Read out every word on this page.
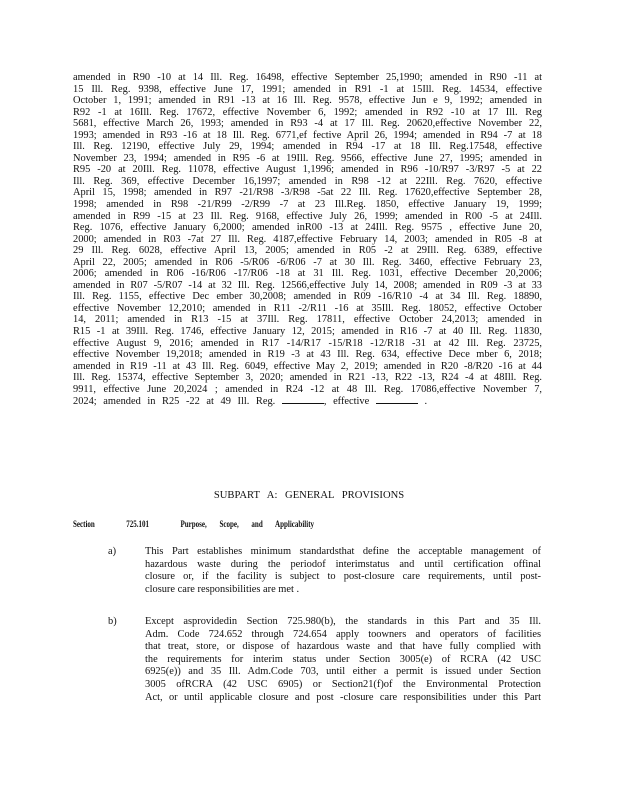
amended in R90 -10 at 14 Ill. Reg. 16498, effective September 25,1990; amended in R90 -11 at
15 Ill. Reg. 9398, effective June 17, 1991; amended in R91 -1 at 15Ill. Reg. 14534, effective
October 1, 1991; amended in R91 -13 at 16 Ill. Reg. 9578, effective Jun e 9, 1992; amended in
R92 -1 at 16Ill. Reg. 17672, effective November 6, 1992; amended in R92 -10 at 17 Ill. Reg
5681, effective March 26, 1993; amended in R93 -4 at 17 Ill. Reg. 20620,effective November 22,
1993; amended in R93 -16 at 18 Ill. Reg. 6771,ef fective April 26, 1994; amended in R94 -7 at 18
Ill. Reg. 12190, effective July 29, 1994; amended in R94 -17 at 18 Ill. Reg.17548, effective
November 23, 1994; amended in R95 -6 at 19Ill. Reg. 9566, effective June 27, 1995; amended in
R95 -20 at 20Ill. Reg. 11078, effective August 1,1996; amended in R96 -10/R97 -3/R97 -5 at 22
Ill. Reg. 369, effective December 16,1997; amended in R98 -12 at 22Ill. Reg. 7620, effective
April 15, 1998; amended in R97 -21/R98 -3/R98 -5at 22 Ill. Reg. 17620,effective September 28,
1998; amended in R98 -21/R99 -2/R99 -7 at 23 Ill.Reg. 1850, effective January 19, 1999;
amended in R99 -15 at 23 Ill. Reg. 9168, effective July 26, 1999; amended in R00 -5 at 24Ill.
Reg. 1076, effective January 6,2000; amended inR00 -13 at 24Ill. Reg. 9575 , effective June 20,
2000; amended in R03 -7at 27 Ill. Reg. 4187,effective February 14, 2003; amended in R05 -8 at
29 Ill. Reg. 6028, effective April 13, 2005; amended in R05 -2 at 29Ill. Reg. 6389, effective
April 22, 2005; amended in R06 -5/R06 -6/R06 -7 at 30 Ill. Reg. 3460, effective February 23,
2006; amended in R06 -16/R06 -17/R06 -18 at 31 Ill. Reg. 1031, effective December 20,2006;
amended in R07 -5/R07 -14 at 32 Ill. Reg. 12566,effective July 14, 2008; amended in R09 -3 at 33
Ill. Reg. 1155, effective Dec ember 30,2008; amended in R09 -16/R10 -4 at 34 Ill. Reg. 18890,
effective November 12,2010; amended in R11 -2/R11 -16 at 35Ill. Reg. 18052, effective October
14, 2011; amended in R13 -15 at 37Ill. Reg. 17811, effective October 24,2013; amended in
R15 -1 at 39Ill. Reg. 1746, effective January 12, 2015; amended in R16 -7 at 40 Ill. Reg. 11830,
effective August 9, 2016; amended in R17 -14/R17 -15/R18 -12/R18 -31 at 42 Ill. Reg. 23725,
effective November 19,2018; amended in R19 -3 at 43 Ill. Reg. 634, effective Dece mber 6, 2018;
amended in R19 -11 at 43 Ill. Reg. 6049, effective May 2, 2019; amended in R20 -8/R20 -16 at 44
Ill. Reg. 15374, effective September 3, 2020; amended in R21 -13, R22 -13, R24 -4 at 48Ill. Reg.
9911, effective June 20,2024 ; amended in R24 -12 at 48 Ill. Reg. 17086,effective November 7,
2024; amended in R25 -22 at 49 Ill. Reg.	, effective	.
SUBPART A: GENERAL PROVISIONS
Section	725.101	Purpose, Scope, and Applicability
a)	This Part establishes minimum standardsthat define the acceptable management of
hazardous waste during the periodof interimstatus and until certification offinal
closure or, if the facility is subject to post-closure care requirements, until post-
closure care responsibilities are met .
b)	Except asprovidedin Section 725.980(b), the standards in this Part and 35 Ill.
Adm. Code 724.652 through 724.654 apply toowners and operators of facilities
that treat, store, or dispose of hazardous waste and that have fully complied with
the requirements for interim status under Section 3005(e) of RCRA (42 USC
6925(e)) and 35 Ill. Adm.Code 703, until either a permit is issued under Section
3005 ofRCRA (42 USC 6905) or Section21(f)of the Environmental Protection
Act, or until applicable closure and post -closure care responsibilities under this Part
